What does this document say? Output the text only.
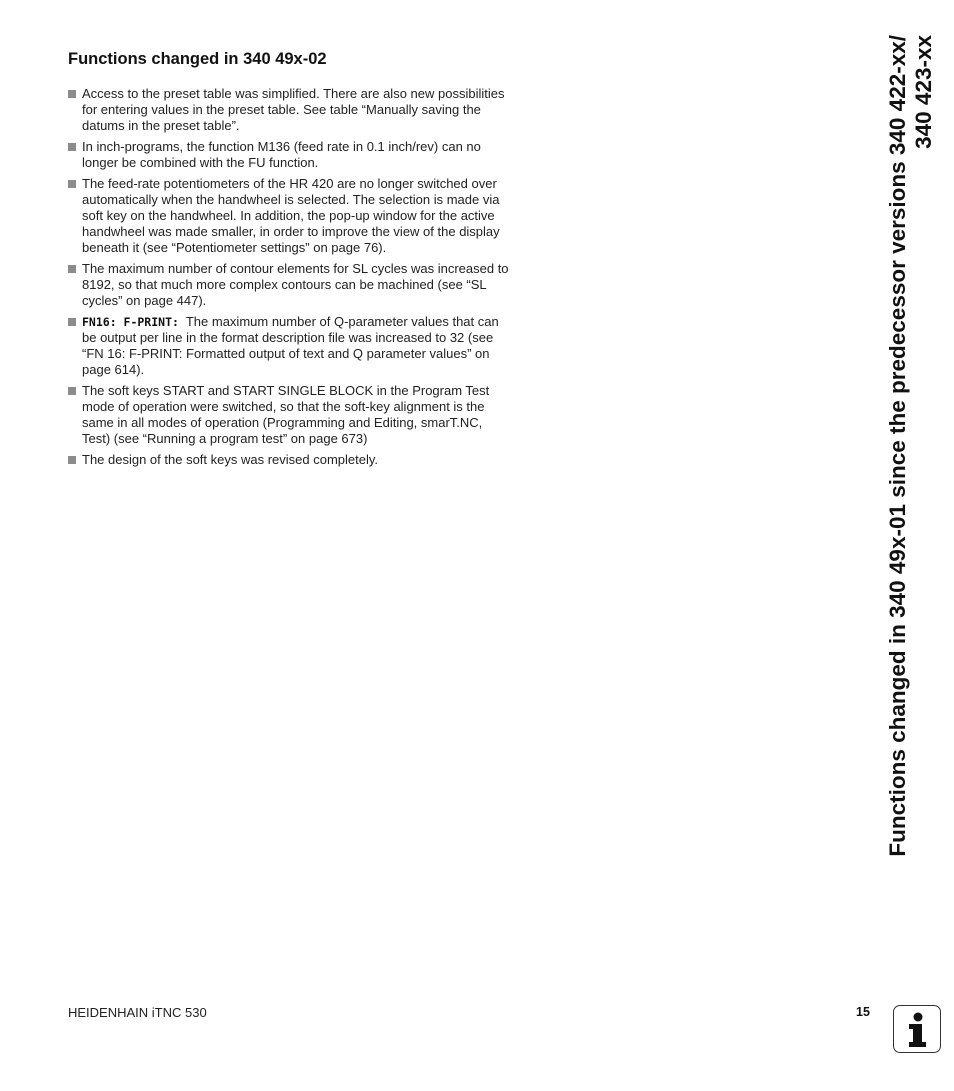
Functions changed in 340 49x-02
Access to the preset table was simplified. There are also new possibilities for entering values in the preset table. See table “Manually saving the datums in the preset table”.
In inch-programs, the function M136 (feed rate in 0.1 inch/rev) can no longer be combined with the FU function.
The feed-rate potentiometers of the HR 420 are no longer switched over automatically when the handwheel is selected. The selection is made via soft key on the handwheel. In addition, the pop-up window for the active handwheel was made smaller, in order to improve the view of the display beneath it (see “Potentiometer settings” on page 76).
The maximum number of contour elements for SL cycles was increased to 8192, so that much more complex contours can be machined (see “SL cycles” on page 447).
FN16: F-PRINT: The maximum number of Q-parameter values that can be output per line in the format description file was increased to 32 (see “FN 16: F-PRINT: Formatted output of text and Q parameter values” on page 614).
The soft keys START and START SINGLE BLOCK in the Program Test mode of operation were switched, so that the soft-key alignment is the same in all modes of operation (Programming and Editing, smarT.NC, Test) (see “Running a program test” on page 673)
The design of the soft keys was revised completely.	Functions changed in 340 49x-01 since the predecessor versions 340 422-xx/ 340 423-xx
HEIDENHAIN iTNC 530	15
